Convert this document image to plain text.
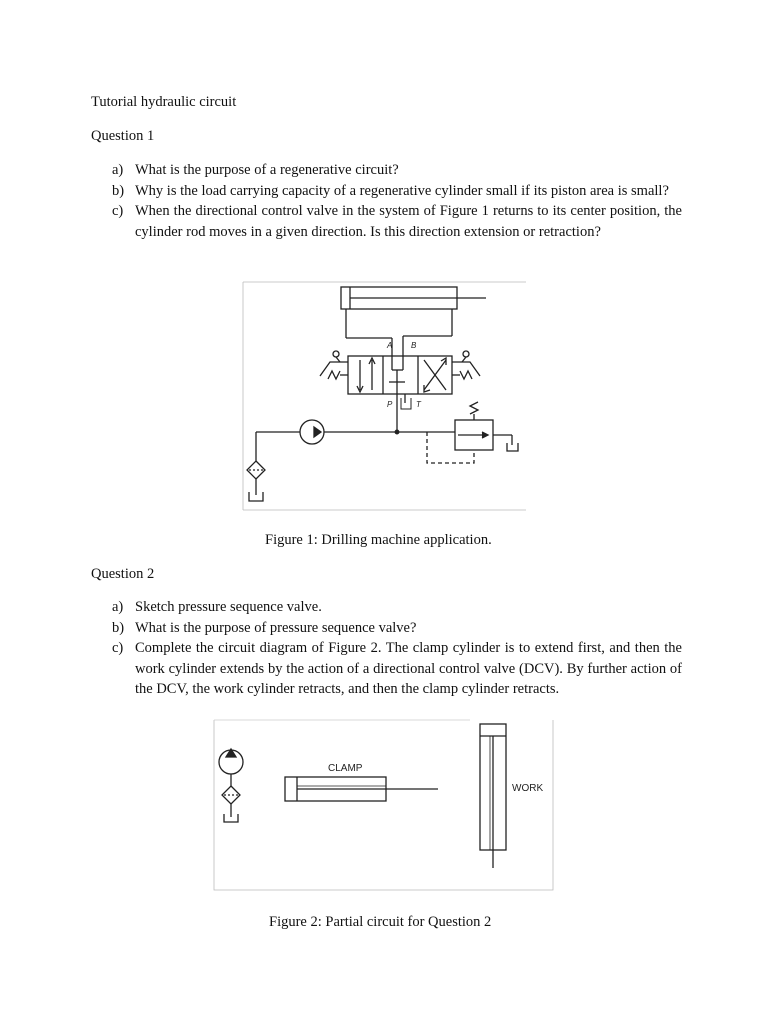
Tutorial hydraulic circuit
Question 1
a) What is the purpose of a regenerative circuit?
b) Why is the load carrying capacity of a regenerative cylinder small if its piston area is small?
c) When the directional control valve in the system of Figure 1 returns to its center position, the cylinder rod moves in a given direction. Is this direction extension or retraction?
A B
P	T
Figure 1: Drilling machine application.
Question 2
a) Sketch pressure sequence valve.
b) What is the purpose of pressure sequence valve?
c) Complete the circuit diagram of Figure 2. The clamp cylinder is to extend first, and then the work cylinder extends by the action of a directional control valve (DCV). By further action of the DCV, the work cylinder retracts, and then the clamp cylinder retracts.
CLAMP
WORK
Figure 2: Partial circuit for Question 2
